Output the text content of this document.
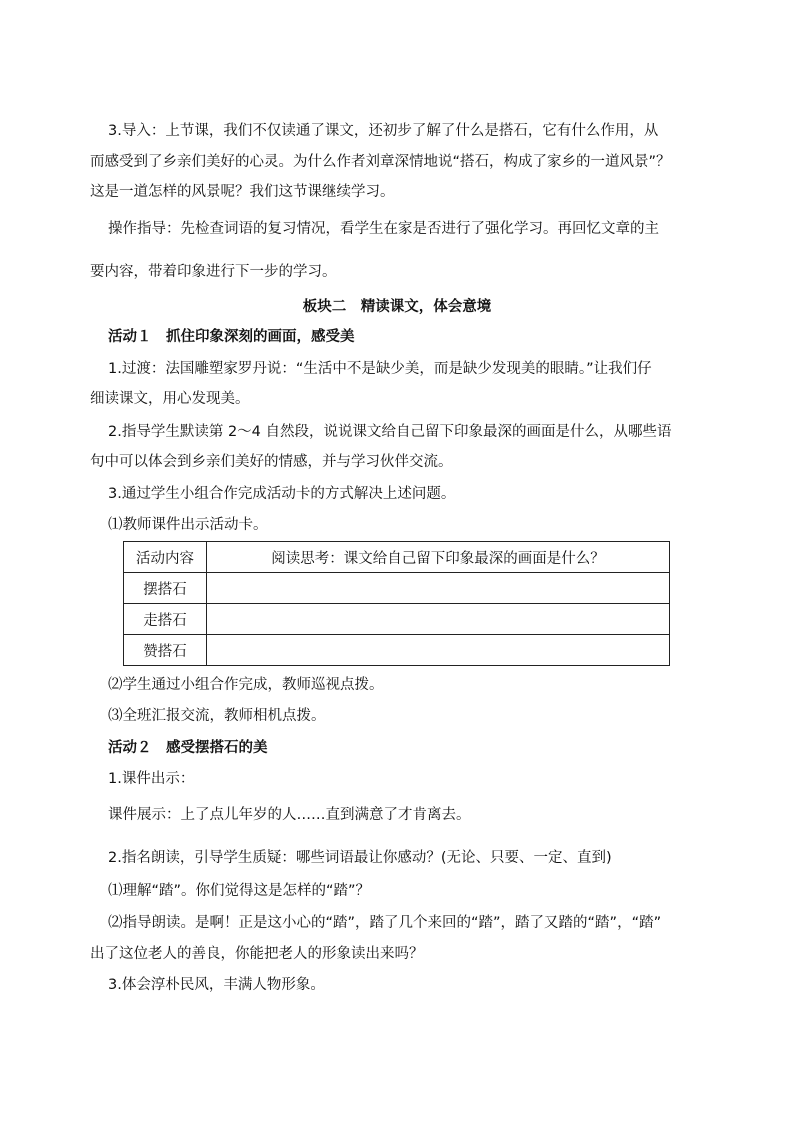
3.导入：上节课，我们不仅读通了课文，还初步了解了什么是搭石，它有什么作用，从
而感受到了乡亲们美好的心灵。为什么作者刘章深情地说“搭石，构成了家乡的一道风景”？
这是一道怎样的风景呢？我们这节课继续学习。
操作指导：先检查词语的复习情况，看学生在家是否进行了强化学习。再回忆文章的主
要内容，带着印象进行下一步的学习。
板块二　精读课文，体会意境
活动１　抓住印象深刻的画面，感受美
1.过渡：法国雕塑家罗丹说：“生活中不是缺少美，而是缺少发现美的眼睛。”让我们仔
细读课文，用心发现美。
2.指导学生默读第 2～4 自然段，说说课文给自己留下印象最深的画面是什么，从哪些语
句中可以体会到乡亲们美好的情感，并与学习伙伴交流。
3.通过学生小组合作完成活动卡的方式解决上述问题。
⑴教师课件出示活动卡。
活动内容	阅读思考：课文给自己留下印象最深的画面是什么？
摆搭石	
走搭石	
赞搭石	
⑵学生通过小组合作完成，教师巡视点拨。
⑶全班汇报交流，教师相机点拨。
活动２　感受摆搭石的美
1.课件出示：
课件展示：上了点儿年岁的人……直到满意了才肯离去。
2.指名朗读，引导学生质疑：哪些词语最让你感动？(无论、只要、一定、直到)
⑴理解“踏”。你们觉得这是怎样的“踏”？
⑵指导朗读。是啊！正是这小心的“踏”，踏了几个来回的“踏”，踏了又踏的“踏”，“踏”
出了这位老人的善良，你能把老人的形象读出来吗？
3.体会淳朴民风，丰满人物形象。
